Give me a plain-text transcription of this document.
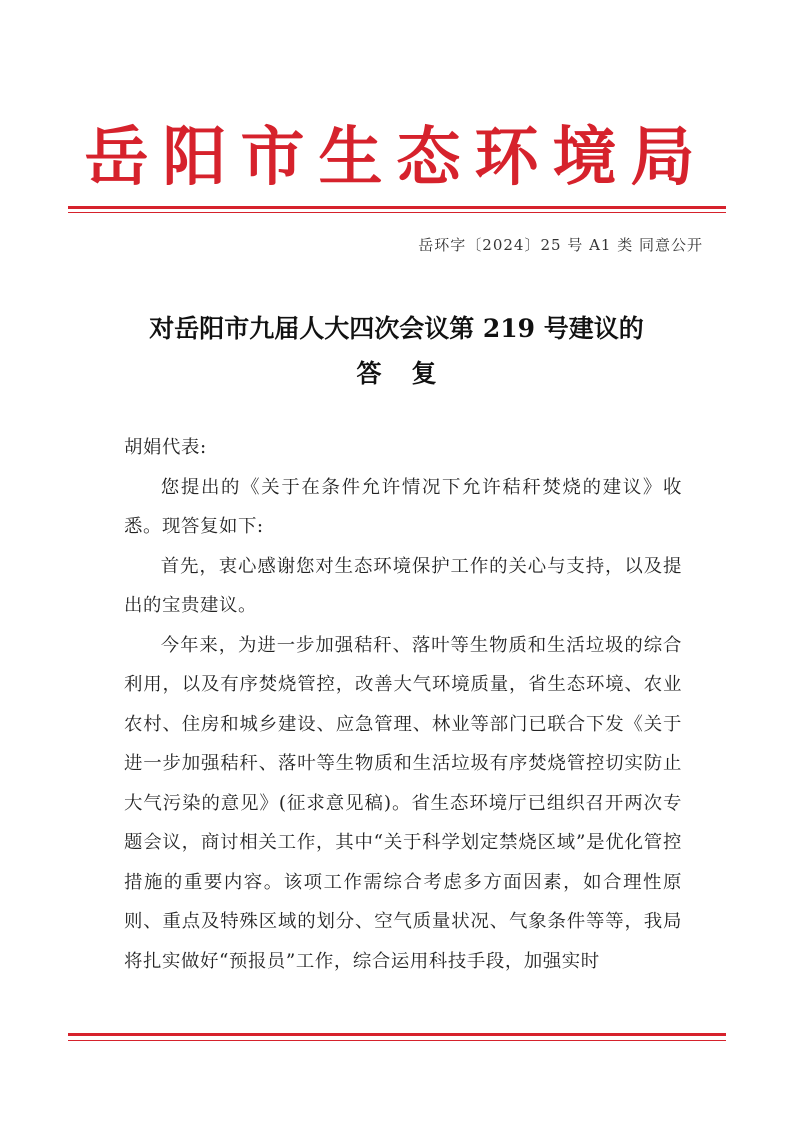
岳阳市生态环境局
岳环字〔2024〕25 号 A1 类 同意公开
对岳阳市九届人大四次会议第 219 号建议的
答复

胡娟代表:

您提出的《关于在条件允许情况下允许秸秆焚烧的建议》收悉。现答复如下:

首先，衷心感谢您对生态环境保护工作的关心与支持，以及提出的宝贵建议。

今年来，为进一步加强秸秆、落叶等生物质和生活垃圾的综合利用，以及有序焚烧管控，改善大气环境质量，省生态环境、农业农村、住房和城乡建设、应急管理、林业等部门已联合下发《关于进一步加强秸秆、落叶等生物质和生活垃圾有序焚烧管控切实防止大气污染的意见》(征求意见稿)。省生态环境厅已组织召开两次专题会议，商讨相关工作，其中“关于科学划定禁烧区域”是优化管控措施的重要内容。该项工作需综合考虑多方面因素，如合理性原则、重点及特殊区域的划分、空气质量状况、气象条件等等，我局将扎实做好“预报员”工作，综合运用科技手段，加强实时
